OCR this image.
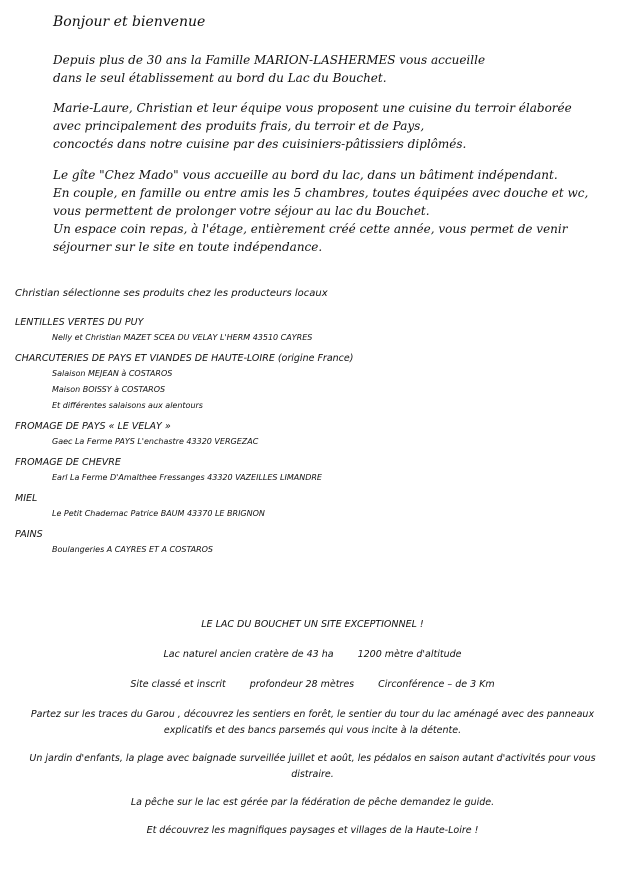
Bonjour et bienvenue
Depuis plus de 30 ans la Famille MARION-LASHERMES vous accueille
dans le seul établissement au bord du Lac du Bouchet.
Marie-Laure, Christian et leur équipe vous proposent une cuisine du terroir élaborée
avec principalement des produits frais, du terroir et de Pays,
concoctés dans notre cuisine par des cuisiniers-pâtissiers diplômés.
Le gîte "Chez Mado" vous accueille au bord du lac, dans un bâtiment indépendant.
En couple, en famille ou entre amis les 5 chambres, toutes équipées avec douche et wc,
vous permettent de prolonger votre séjour au lac du Bouchet.
Un espace coin repas, à l'étage, entièrement créé cette année, vous permet de venir
séjourner sur le site en toute indépendance.
Christian sélectionne ses produits chez les producteurs locaux
LENTILLES VERTES DU PUY
Nelly et Christian MAZET SCEA DU VELAY L'HERM 43510 CAYRES
CHARCUTERIES DE PAYS ET VIANDES DE HAUTE-LOIRE (origine France)
Salaison MEJEAN à COSTAROS
Maison BOISSY à COSTAROS
Et différentes salaisons aux alentours
FROMAGE DE PAYS « LE VELAY »
Gaec La Ferme PAYS L'enchastre 43320 VERGEZAC
FROMAGE DE CHEVRE
Earl La Ferme D'Amalthee Fressanges 43320 VAZEILLES LIMANDRE
MIEL
Le Petit Chadernac Patrice BAUM 43370 LE BRIGNON
PAINS
Boulangeries A CAYRES ET A COSTAROS
LE LAC DU BOUCHET UN SITE EXCEPTIONNEL !
Lac naturel ancien cratère de 43 ha	1200 mètre d'altitude
Site classé et inscrit	profondeur 28 mètres	Circonférence – de 3 Km
Partez sur les traces du Garou , découvrez les sentiers en forêt, le sentier du tour du lac aménagé avec des panneaux explicatifs et des bancs parsemés qui vous incite à la détente.
Un jardin d'enfants, la plage avec baignade surveillée juillet et août, les pédalos en saison autant d'activités pour vous distraire.
La pêche sur le lac est gérée par la fédération de pêche demandez le guide.
Et découvrez les magnifiques paysages et villages de la Haute-Loire !
